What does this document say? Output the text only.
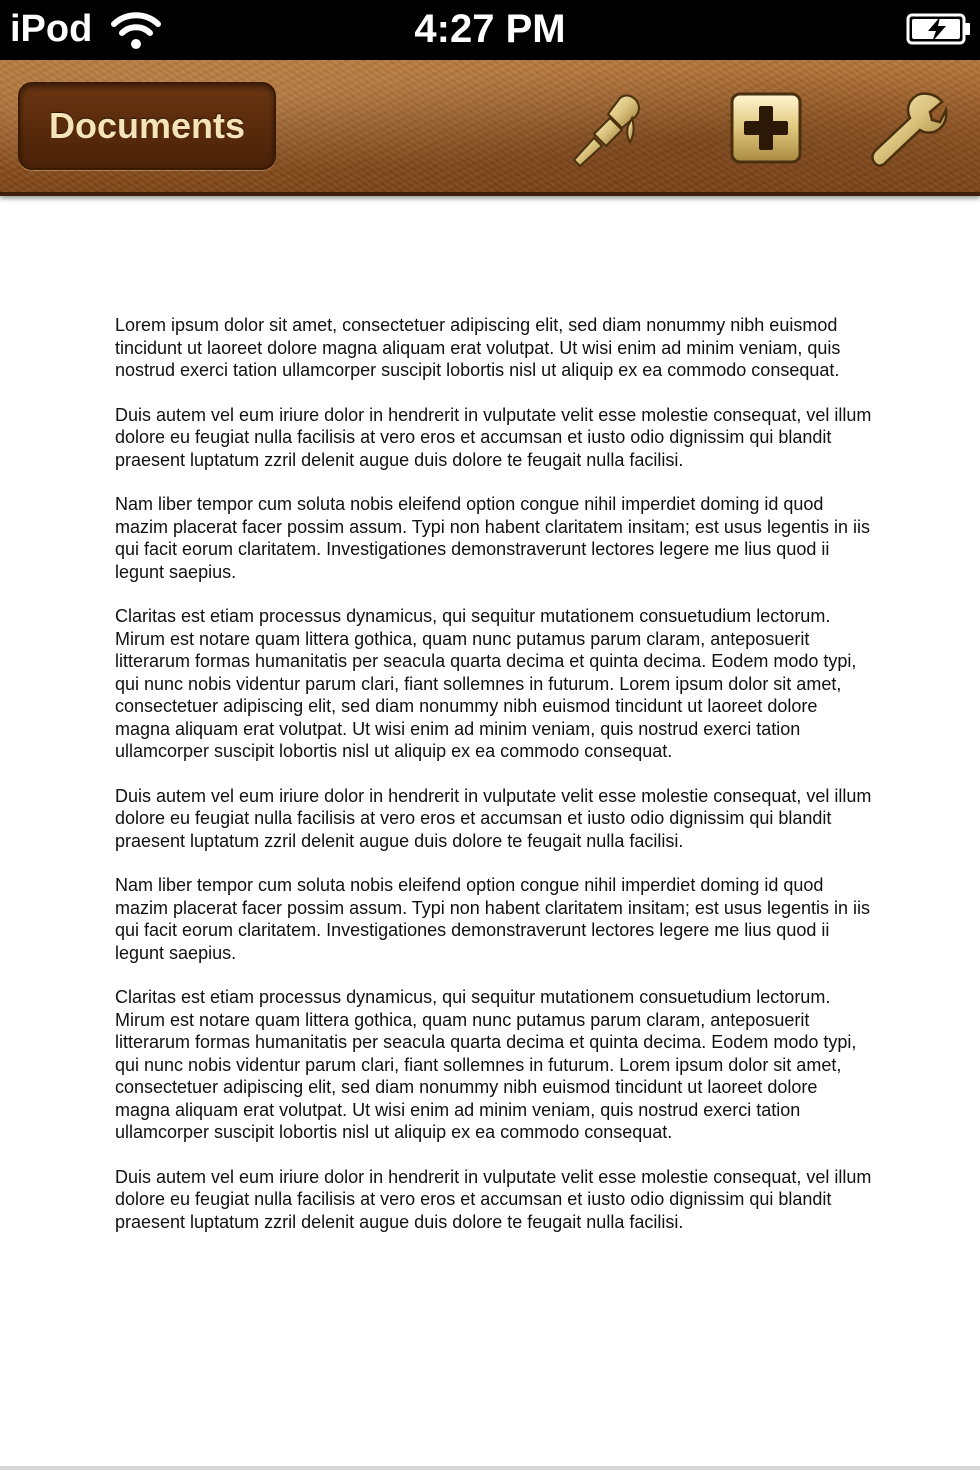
iPod	4:27 PM
Documents

Lorem ipsum dolor sit amet, consectetuer adipiscing elit, sed diam nonummy nibh euismod tincidunt ut laoreet dolore magna aliquam erat volutpat. Ut wisi enim ad minim veniam, quis nostrud exerci tation ullamcorper suscipit lobortis nisl ut aliquip ex ea commodo consequat.

Duis autem vel eum iriure dolor in hendrerit in vulputate velit esse molestie consequat, vel illum dolore eu feugiat nulla facilisis at vero eros et accumsan et iusto odio dignissim qui blandit praesent luptatum zzril delenit augue duis dolore te feugait nulla facilisi.

Nam liber tempor cum soluta nobis eleifend option congue nihil imperdiet doming id quod mazim placerat facer possim assum. Typi non habent claritatem insitam; est usus legentis in iis qui facit eorum claritatem. Investigationes demonstraverunt lectores legere me lius quod ii legunt saepius.

Claritas est etiam processus dynamicus, qui sequitur mutationem consuetudium lectorum. Mirum est notare quam littera gothica, quam nunc putamus parum claram, anteposuerit litterarum formas humanitatis per seacula quarta decima et quinta decima. Eodem modo typi, qui nunc nobis videntur parum clari, fiant sollemnes in futurum. Lorem ipsum dolor sit amet, consectetuer adipiscing elit, sed diam nonummy nibh euismod tincidunt ut laoreet dolore magna aliquam erat volutpat. Ut wisi enim ad minim veniam, quis nostrud exerci tation ullamcorper suscipit lobortis nisl ut aliquip ex ea commodo consequat.

Duis autem vel eum iriure dolor in hendrerit in vulputate velit esse molestie consequat, vel illum dolore eu feugiat nulla facilisis at vero eros et accumsan et iusto odio dignissim qui blandit praesent luptatum zzril delenit augue duis dolore te feugait nulla facilisi.

Nam liber tempor cum soluta nobis eleifend option congue nihil imperdiet doming id quod mazim placerat facer possim assum. Typi non habent claritatem insitam; est usus legentis in iis qui facit eorum claritatem. Investigationes demonstraverunt lectores legere me lius quod ii legunt saepius.

Claritas est etiam processus dynamicus, qui sequitur mutationem consuetudium lectorum. Mirum est notare quam littera gothica, quam nunc putamus parum claram, anteposuerit litterarum formas humanitatis per seacula quarta decima et quinta decima. Eodem modo typi, qui nunc nobis videntur parum clari, fiant sollemnes in futurum. Lorem ipsum dolor sit amet, consectetuer adipiscing elit, sed diam nonummy nibh euismod tincidunt ut laoreet dolore magna aliquam erat volutpat. Ut wisi enim ad minim veniam, quis nostrud exerci tation ullamcorper suscipit lobortis nisl ut aliquip ex ea commodo consequat.

Duis autem vel eum iriure dolor in hendrerit in vulputate velit esse molestie consequat, vel illum dolore eu feugiat nulla facilisis at vero eros et accumsan et iusto odio dignissim qui blandit praesent luptatum zzril delenit augue duis dolore te feugait nulla facilisi.
